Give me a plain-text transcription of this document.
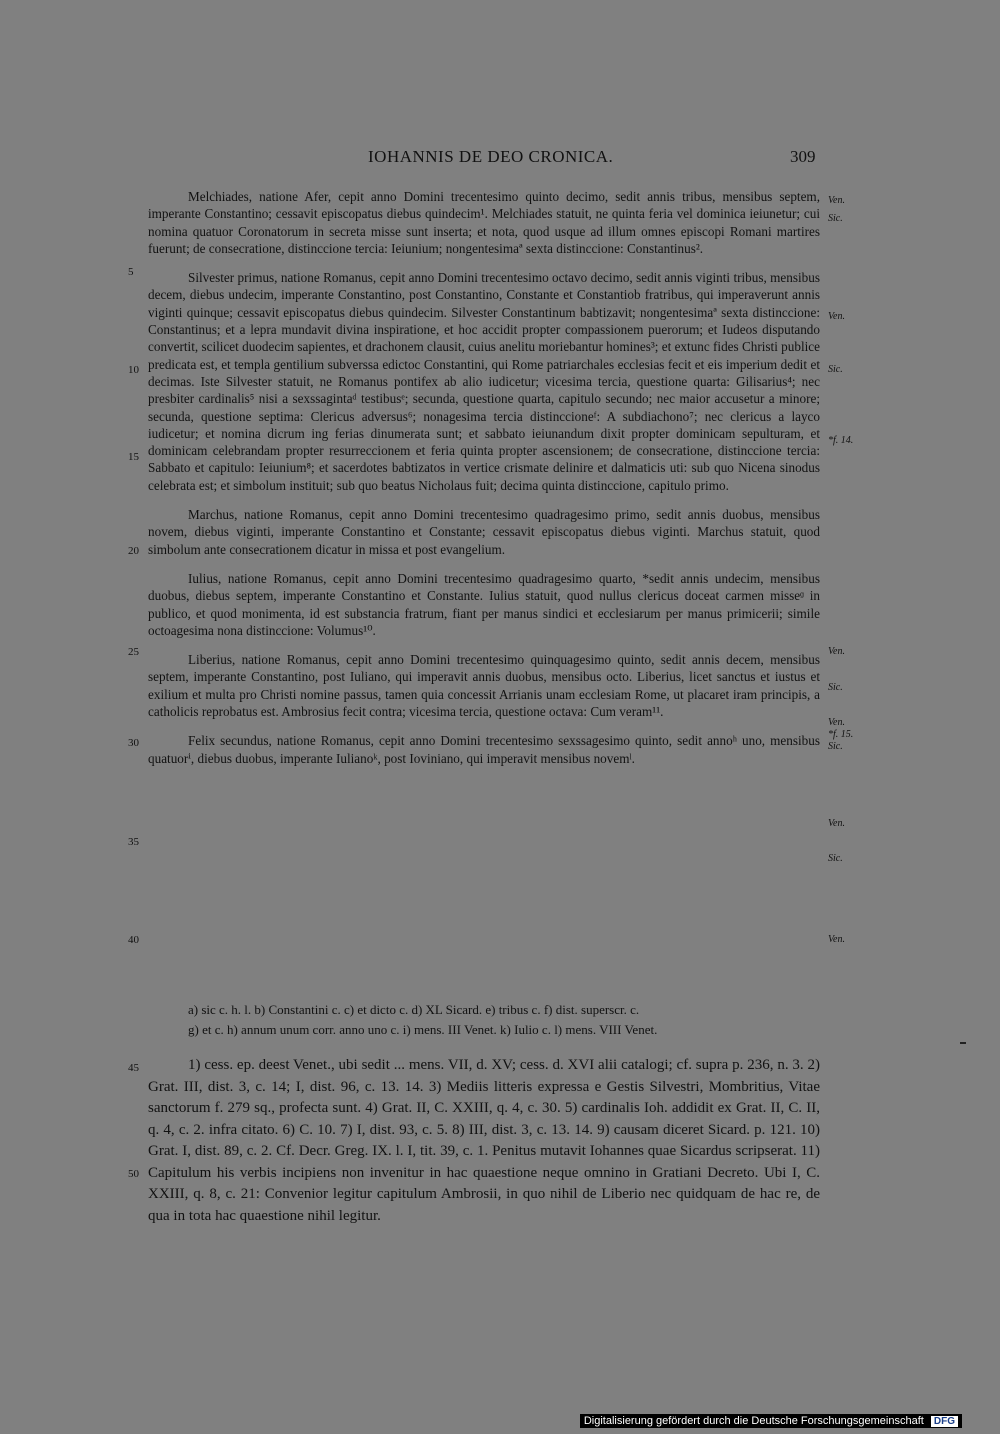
IOHANNIS DE DEO CRONICA.	309
5
10
15
20
25
30
35
40
45
50
Ven.
Sic.
Ven.
Sic.
*f. 14.
Ven.
Sic.
Ven.
*f. 15.
Sic.
Ven.
Sic.
Ven.
Melchiades, natione Afer, cepit anno Domini trecentesimo quinto decimo, sedit annis tribus, mensibus septem, imperante Constantino; cessavit episcopatus diebus quindecim¹. Melchiades statuit, ne quinta feria vel dominica ieiunetur; cui nomina quatuor Coronatorum in secreta misse sunt inserta; et nota, quod usque ad illum omnes episcopi Romani martires fuerunt; de consecratione, distinccione tercia: Ieiunium; nongentesimaª sexta distinccione: Constantinus².
Silvester primus, natione Romanus, cepit anno Domini trecentesimo octavo decimo, sedit annis viginti tribus, mensibus decem, diebus undecim, imperante Constantino, post Constantino, Constante et Constantiob fratribus, qui imperaverunt annis viginti quinque; cessavit episcopatus diebus quindecim. Silvester Constantinum babtizavit; nongentesimaª sexta distinccione: Constantinus; et a lepra mundavit divina inspiratione, et hoc accidit propter compassionem puerorum; et Iudeos disputando convertit, scilicet duodecim sapientes, et drachonem clausit, cuius anelitu moriebantur homines³; et extunc fides Christi publice predicata est, et templa gentilium subverssa edictoc Constantini, qui Rome patriarchales ecclesias fecit et eis imperium dedit et decimas. Iste Silvester statuit, ne Romanus pontifex ab alio iudicetur; vicesima tercia, questione quarta: Gilisarius⁴; nec presbiter cardinalis⁵ nisi a sexssagintaᵈ testibusᵉ; secunda, questione quarta, capitulo secundo; nec maior accusetur a minore; secunda, questione septima: Clericus adversus⁶; nonagesima tercia distinccioneᶠ: A subdiachono⁷; nec clericus a layco iudicetur; et nomina dicrum ing ferias dinumerata sunt; et sabbato ieiunandum dixit propter dominicam sepulturam, et dominicam celebrandam propter resurreccionem et feria quinta propter ascensionem; de consecratione, distinccione tercia: Sabbato et capitulo: Ieiunium⁸; et sacerdotes babtizatos in vertice crismate delinire et dalmaticis uti: sub quo Nicena sinodus celebrata est; et simbolum instituit; sub quo beatus Nicholaus fuit; decima quinta distinccione, capitulo primo.
Marchus, natione Romanus, cepit anno Domini trecentesimo quadragesimo primo, sedit annis duobus, mensibus novem, diebus viginti, imperante Constantino et Constante; cessavit episcopatus diebus viginti. Marchus statuit, quod simbolum ante consecrationem dicatur in missa et post evangelium.
Iulius, natione Romanus, cepit anno Domini trecentesimo quadragesimo quarto, *sedit annis undecim, mensibus duobus, diebus septem, imperante Constantino et Constante. Iulius statuit, quod nullus clericus doceat carmen misseᶢ in publico, et quod monimenta, id est substancia fratrum, fiant per manus sindici et ecclesiarum per manus primicerii; simile octoagesima nona distinccione: Volumus¹⁰.
Liberius, natione Romanus, cepit anno Domini trecentesimo quinquagesimo quinto, sedit annis decem, mensibus septem, imperante Constantino, post Iuliano, qui imperavit annis duobus, mensibus octo. Liberius, licet sanctus et iustus et exilium et multa pro Christi nomine passus, tamen quia concessit Arrianis unam ecclesiam Rome, ut placaret iram principis, a catholicis reprobatus est. Ambrosius fecit contra; vicesima tercia, questione octava: Cum veram¹¹.
Felix secundus, natione Romanus, cepit anno Domini trecentesimo sexssagesimo quinto, sedit annoʰ uno, mensibus quatuorⁱ, diebus duobus, imperante Iulianoᵏ, post Ioviniano, qui imperavit mensibus novemˡ.
a) sic c. h. l. b) Constantini c. c) et dicto c. d) XL Sicard. e) tribus c. f) dist. superscr. c.
g) et c. h) annum unum corr. anno uno c. i) mens. III Venet. k) Iulio c. l) mens. VIII Venet.
1) cess. ep. deest Venet., ubi sedit ... mens. VII, d. XV; cess. d. XVI alii catalogi; cf. supra p. 236, n. 3. 2) Grat. III, dist. 3, c. 14; I, dist. 96, c. 13. 14. 3) Mediis litteris expressa e Gestis Silvestri, Mombritius, Vitae sanctorum f. 279 sq., profecta sunt. 4) Grat. II, C. XXIII, q. 4, c. 30. 5) cardinalis Ioh. addidit ex Grat. II, C. II, q. 4, c. 2. infra citato. 6) C. 10. 7) I, dist. 93, c. 5. 8) III, dist. 3, c. 13. 14. 9) causam diceret Sicard. p. 121. 10) Grat. I, dist. 89, c. 2. Cf. Decr. Greg. IX. l. I, tit. 39, c. 1. Penitus mutavit Iohannes quae Sicardus scripserat. 11) Capitulum his verbis incipiens non invenitur in hac quaestione neque omnino in Gratiani Decreto. Ubi I, C. XXIII, q. 8, c. 21: Convenior legitur capitulum Ambrosii, in quo nihil de Liberio nec quidquam de hac re, de qua in tota hac quaestione nihil legitur.
Digitalisierung gefördert durch die Deutsche Forschungsgemeinschaft DFG
